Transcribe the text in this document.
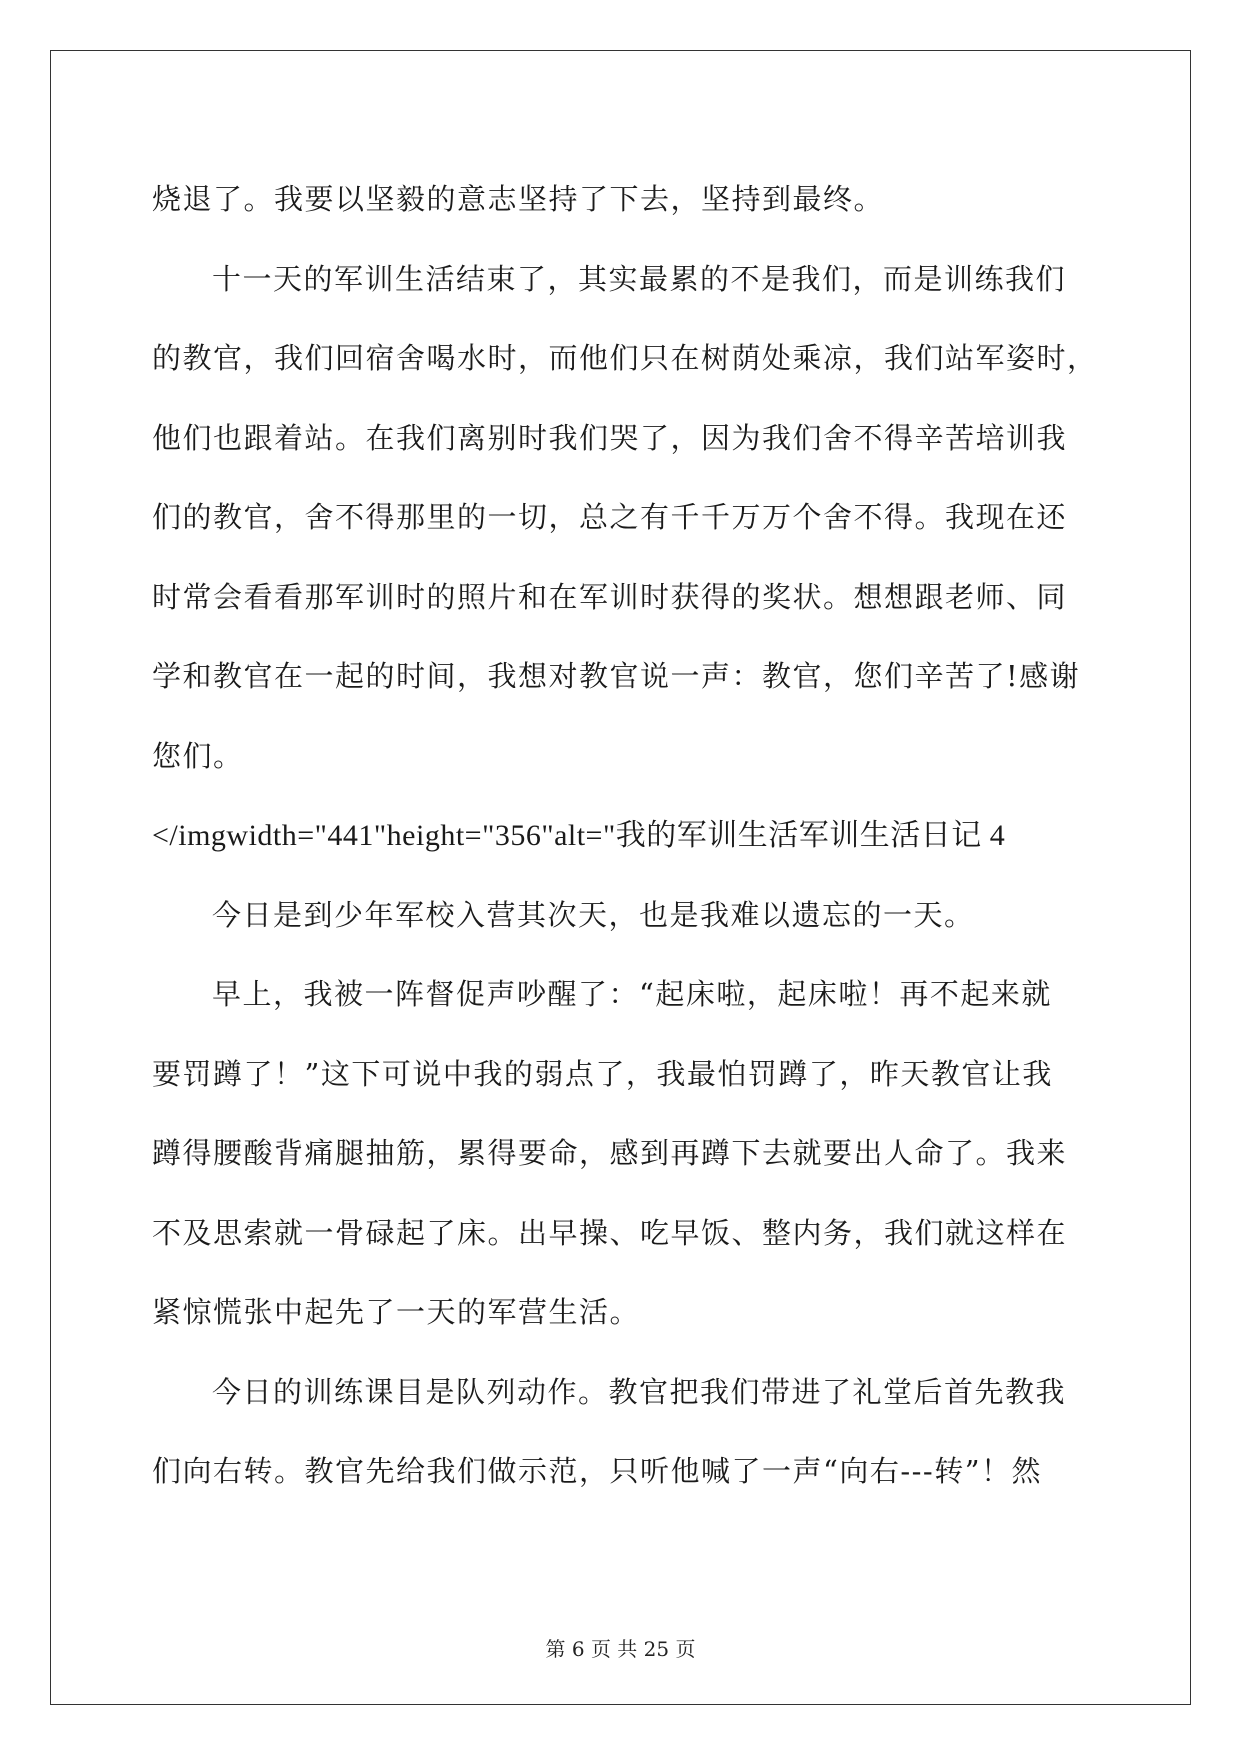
烧退了。我要以坚毅的意志坚持了下去，坚持到最终。

十一天的军训生活结束了，其实最累的不是我们，而是训练我们

的教官，我们回宿舍喝水时，而他们只在树荫处乘凉，我们站军姿时，

他们也跟着站。在我们离别时我们哭了，因为我们舍不得辛苦培训我

们的教官，舍不得那里的一切，总之有千千万万个舍不得。我现在还

时常会看看那军训时的照片和在军训时获得的奖状。想想跟老师、同

学和教官在一起的时间，我想对教官说一声：教官，您们辛苦了!感谢

您们。

</imgwidth="441"height="356"alt="我的军训生活军训生活日记 4

今日是到少年军校入营其次天，也是我难以遗忘的一天。

早上，我被一阵督促声吵醒了：“起床啦，起床啦！再不起来就

要罚蹲了！”这下可说中我的弱点了，我最怕罚蹲了，昨天教官让我

蹲得腰酸背痛腿抽筋，累得要命，感到再蹲下去就要出人命了。我来

不及思索就一骨碌起了床。出早操、吃早饭、整内务，我们就这样在

紧惊慌张中起先了一天的军营生活。

今日的训练课目是队列动作。教官把我们带进了礼堂后首先教我

们向右转。教官先给我们做示范，只听他喊了一声“向右---转”！然

第 6 页 共 25 页
